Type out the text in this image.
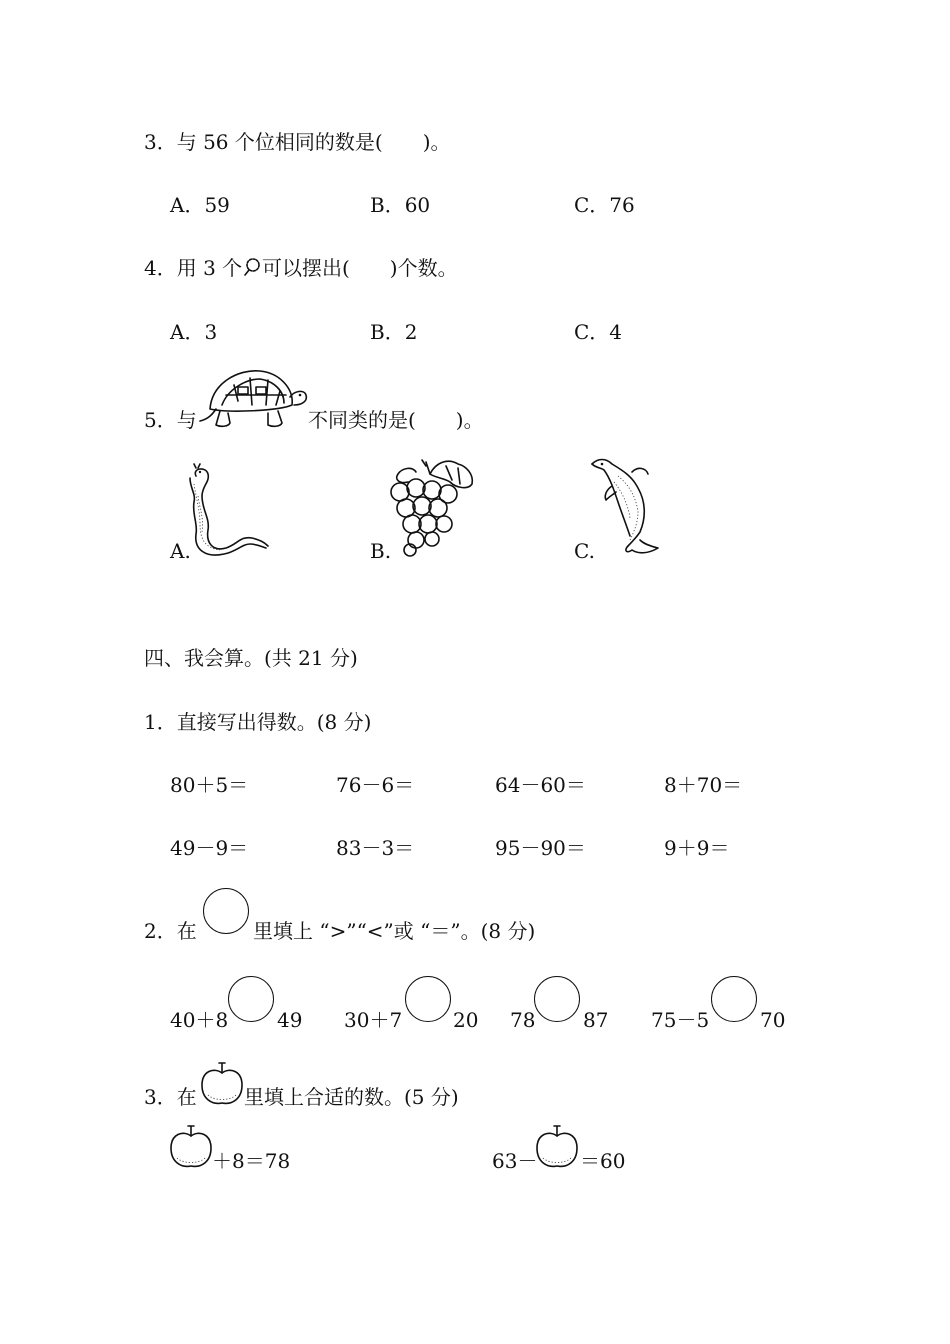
3．与 56 个位相同的数是(　　)。
A．59	B．60	C．76
4．用 3 个 可以摆出(　　)个数。
A．3	B．2	C．4
5．与	不同类的是(　　)。
A.	B.	C.
四、我会算。(共 21 分)
1．直接写出得数。(8 分)
80＋5＝	76－6＝	64－60＝	8＋70＝
49－9＝	83－3＝	95－90＝	9＋9＝
2．在	里填上 “>”“<”或 “＝”。(8 分)
40＋8 49 30＋7	20 78 87 75－5	70
3．在 里填上合适的数。(5 分)
＋8＝78	63－ ＝60
